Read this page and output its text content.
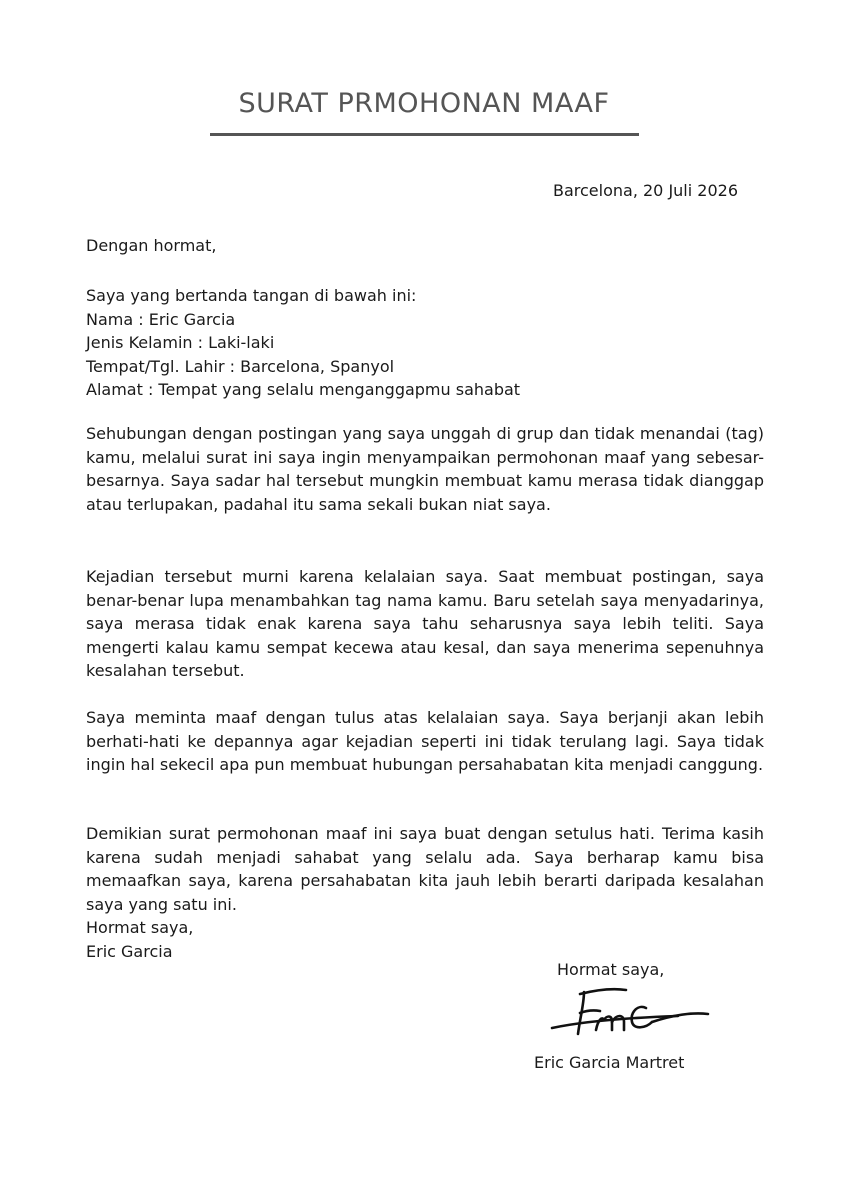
SURAT PRMOHONAN MAAF
Barcelona, 20 Juli 2026
Dengan hormat,
Saya yang bertanda tangan di bawah ini:
Nama : Eric Garcia
Jenis Kelamin : Laki-laki
Tempat/Tgl. Lahir : Barcelona, Spanyol
Alamat : Tempat yang selalu menganggapmu sahabat
Sehubungan dengan postingan yang saya unggah di grup dan tidak menandai (tag) kamu, melalui surat ini saya ingin menyampaikan permohonan maaf yang sebesar-besarnya. Saya sadar hal tersebut mungkin membuat kamu merasa tidak dianggap atau terlupakan, padahal itu sama sekali bukan niat saya.
Kejadian tersebut murni karena kelalaian saya. Saat membuat postingan, saya benar-benar lupa menambahkan tag nama kamu. Baru setelah saya menyadarinya, saya merasa tidak enak karena saya tahu seharusnya saya lebih teliti. Saya mengerti kalau kamu sempat kecewa atau kesal, dan saya menerima sepenuhnya kesalahan tersebut.
Saya meminta maaf dengan tulus atas kelalaian saya. Saya berjanji akan lebih berhati-hati ke depannya agar kejadian seperti ini tidak terulang lagi. Saya tidak ingin hal sekecil apa pun membuat hubungan persahabatan kita menjadi canggung.
Demikian surat permohonan maaf ini saya buat dengan setulus hati. Terima kasih karena sudah menjadi sahabat yang selalu ada. Saya berharap kamu bisa memaafkan saya, karena persahabatan kita jauh lebih berarti daripada kesalahan saya yang satu ini.
Hormat saya,
Eric Garcia
Hormat saya,
Eric Garcia Martret
